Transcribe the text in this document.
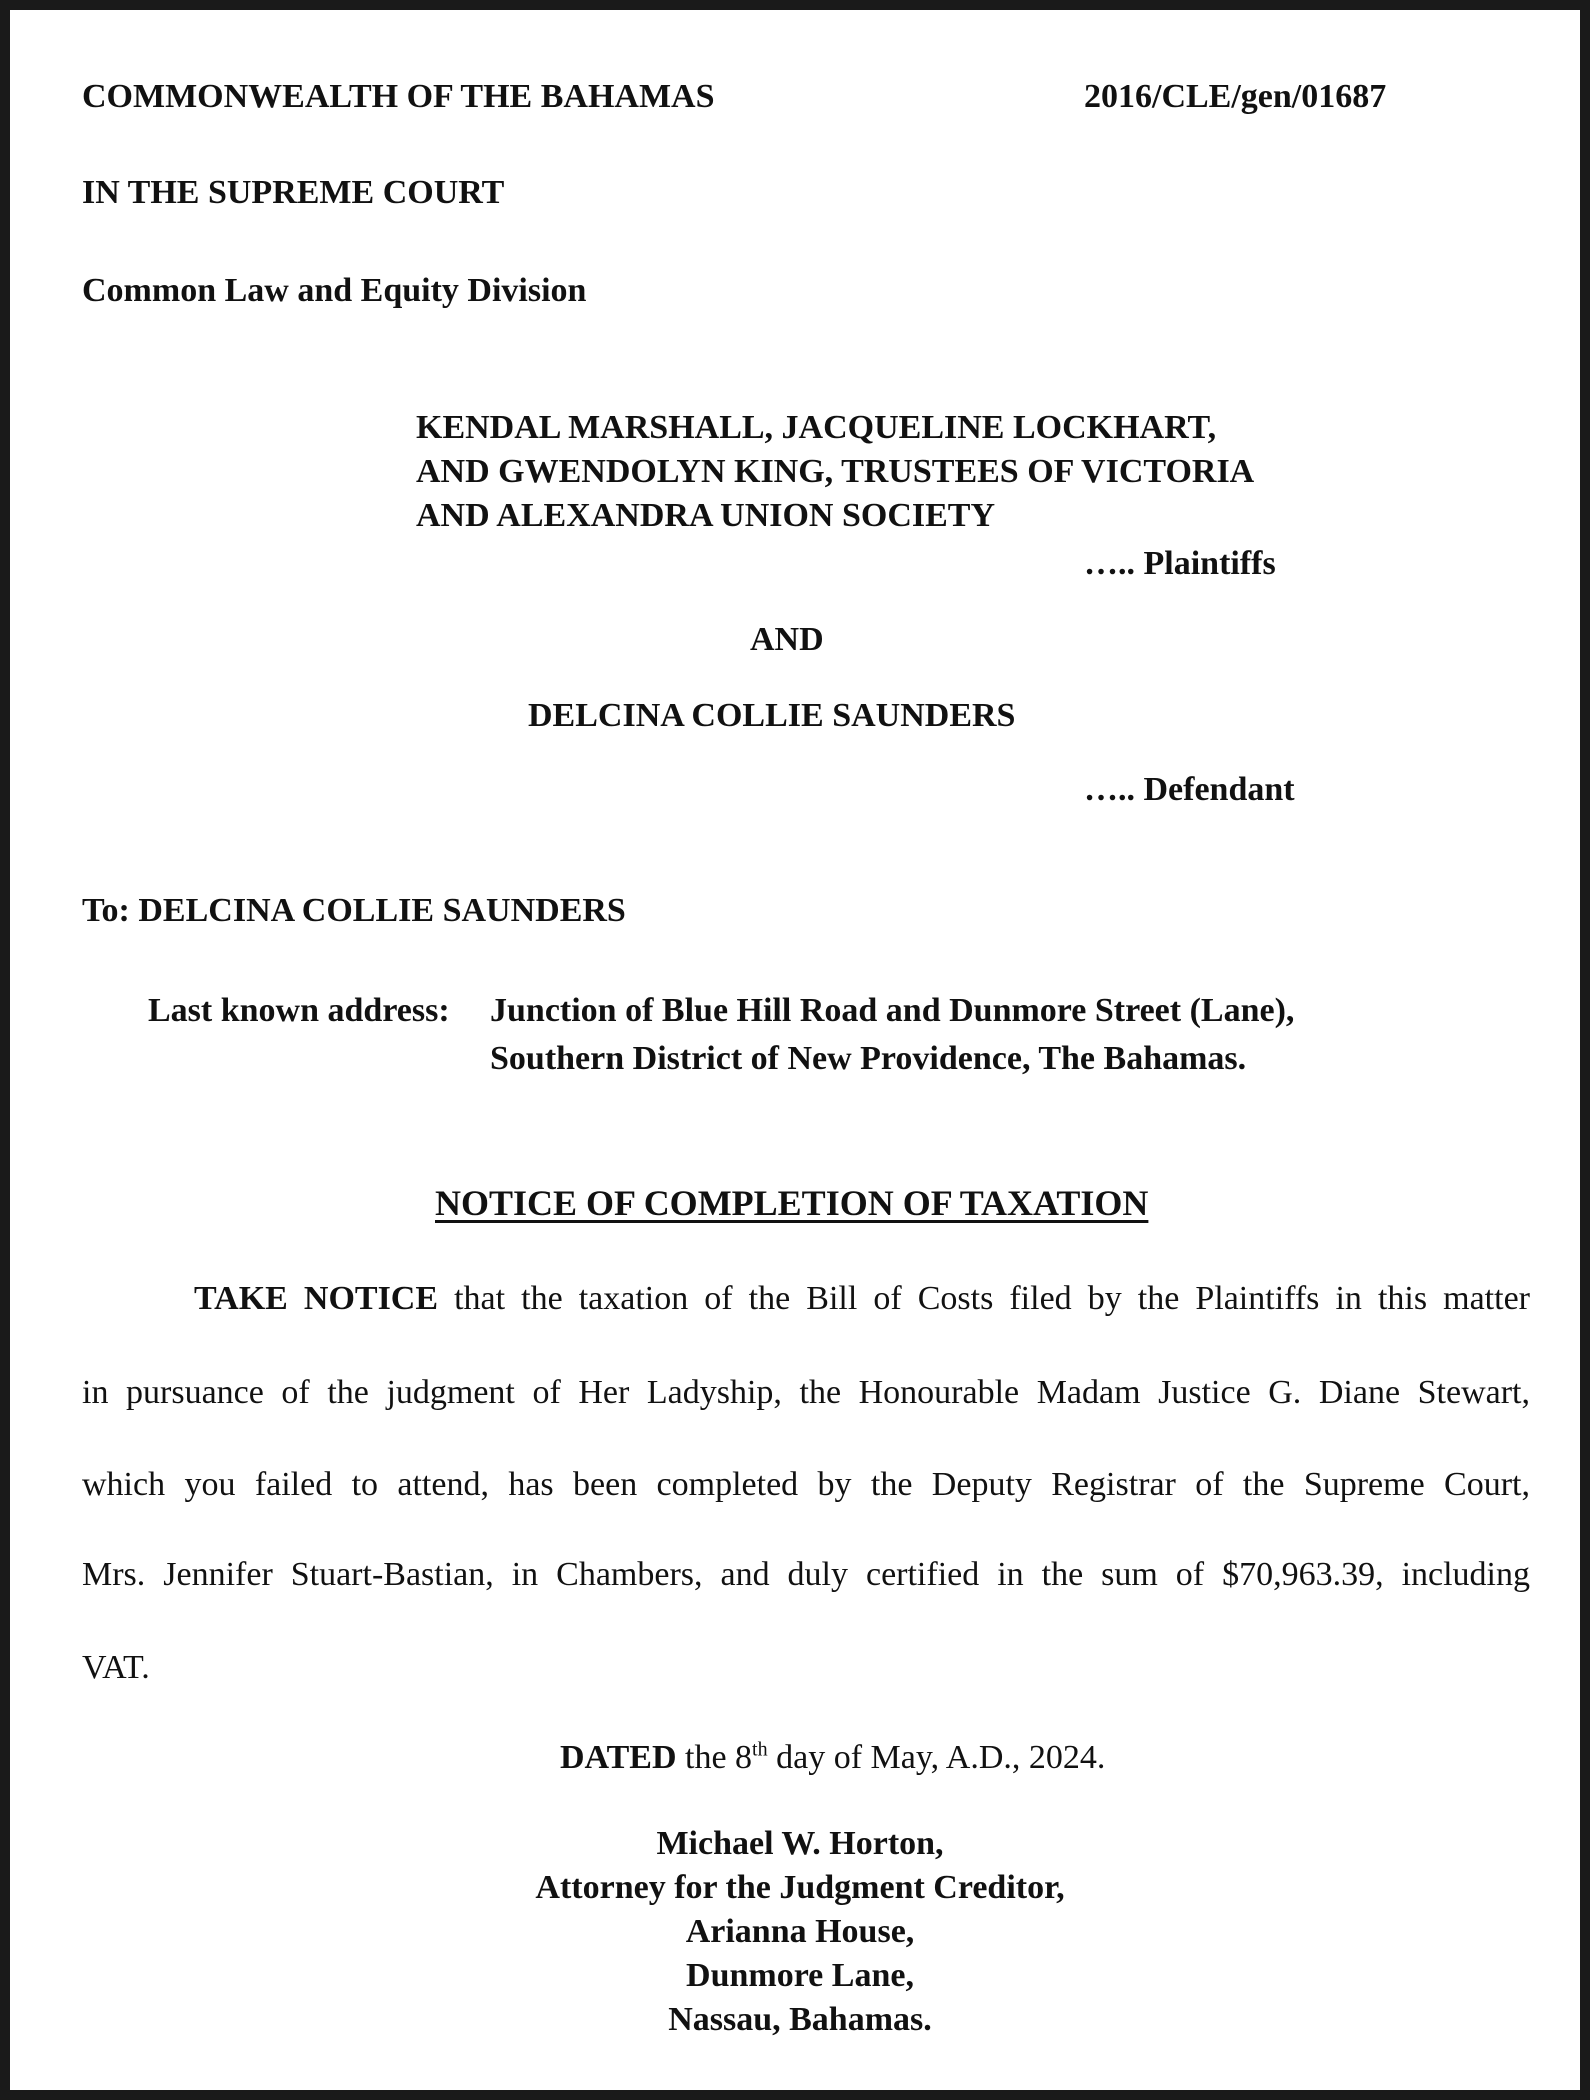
COMMONWEALTH OF THE BAHAMAS	2016/CLE/gen/01687
IN THE SUPREME COURT
Common Law and Equity Division
KENDAL MARSHALL, JACQUELINE LOCKHART,
AND GWENDOLYN KING, TRUSTEES OF VICTORIA
AND ALEXANDRA UNION SOCIETY
….. Plaintiffs
AND
DELCINA COLLIE SAUNDERS
….. Defendant
To: DELCINA COLLIE SAUNDERS
Last known address: Junction of Blue Hill Road and Dunmore Street (Lane),
Southern District of New Providence, The Bahamas.
NOTICE OF COMPLETION OF TAXATION
TAKE NOTICE that the taxation of the Bill of Costs filed by the Plaintiffs in this matter
in pursuance of the judgment of Her Ladyship, the Honourable Madam Justice G. Diane Stewart,
which you failed to attend, has been completed by the Deputy Registrar of the Supreme Court,
Mrs. Jennifer Stuart-Bastian, in Chambers, and duly certified in the sum of $70,963.39, including
VAT.
DATED the 8th day of May, A.D., 2024.
Michael W. Horton,
Attorney for the Judgment Creditor,
Arianna House,
Dunmore Lane,
Nassau, Bahamas.
